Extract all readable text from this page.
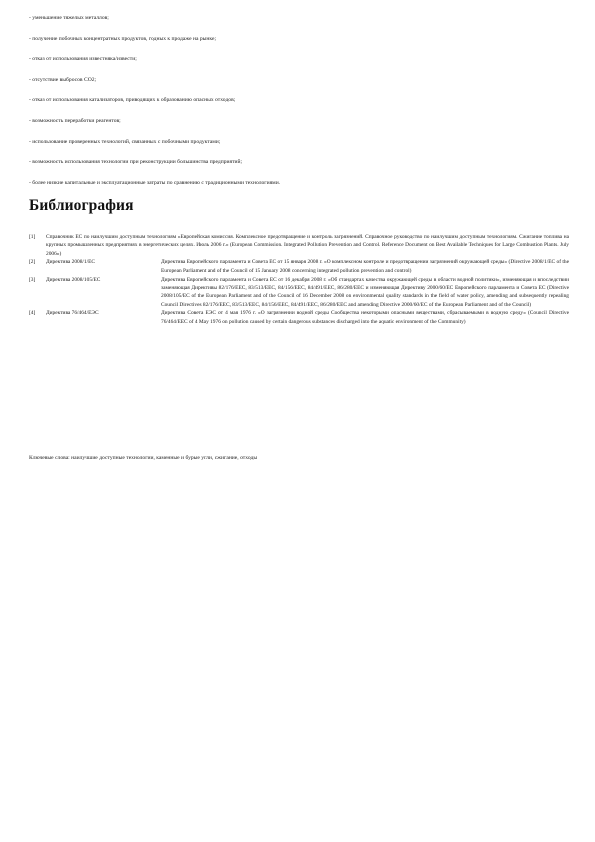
- уменьшение тяжелых металлов;
- получение побочных концентратных продуктов, годных к продаже на рынке;
- отказ от использования известняка/извести;
- отсутствие выбросов СО2;
- отказ от использования катализаторов, приводящих к образованию опасных отходов;
- возможность переработки реагентов;
- использование проверенных технологий, связанных с побочными продуктами;
- возможность использования технологии при реконструкции большинства предприятий;
- более низкие капитальные и эксплуатационные затраты по сравнению с традиционными технологиями.
Библиография
[1] Справочник ЕС по наилучшим доступным технологиям «Европейская комиссия. Комплексное предотвращение и контроль загрязнений. Справочное руководство по наилучшим доступным технологиям. Сжигание топлива на крупных промышленных предприятиях в энергетических целях. Июль 2006 г.» (European Commission. Integrated Pollution Prevention and Control. Reference Document on Best Available Techniques for Large Combustion Plants. July 2006»)
[2] Директива 2008/1/ЕС	Директива Европейского парламента и Совета ЕС от 15 января 2008 г. «О комплексном контроле и предотвращении загрязнений окружающей среды» (Directive 2008/1/EC of the European Parliament and of the Council of 15 January 2008 concerning integrated pollution prevention and control)
[3] Директива 2008/105/ЕС	Директива Европейского парламента и Совета ЕС от 16 декабря 2008 г. «Об стандартах качества окружающей среды в области водной политики», изменяющая и впоследствии заменяющая Директивы 82/176/ЕЕС, 83/513/ЕЕС, 84/156/ЕЕС, 84/491/ЕЕС, 86/280/ЕЕС и изменяющая Директиву 2000/60/ЕС Европейского парламента и Совета ЕС (Directive 2008/105/EC of the European Parliament and of the Council of 16 December 2008 on environmental quality standards in the field of water policy, amending and subsequently repealing Council Directives 82/176/EEC, 83/513/EEC, 84/156/EEC, 84/491/EEC, 86/280/EEC and amending Directive 2000/60/EC of the European Parliament and of the Council)
[4] Директива 76/464/ЕЭС	Директива Совета ЕЭС от 4 мая 1976 г. «О загрязнении водной среды Сообщества некоторыми опасными веществами, сбрасываемыми в водную среду» (Council Directive 76/464/EEC of 4 May 1976 on pollution caused by certain dangerous substances discharged into the aquatic environment of the Community)
Ключевые слова: наилучшие доступные технологии, каменные и бурые угли, сжигание, отходы
